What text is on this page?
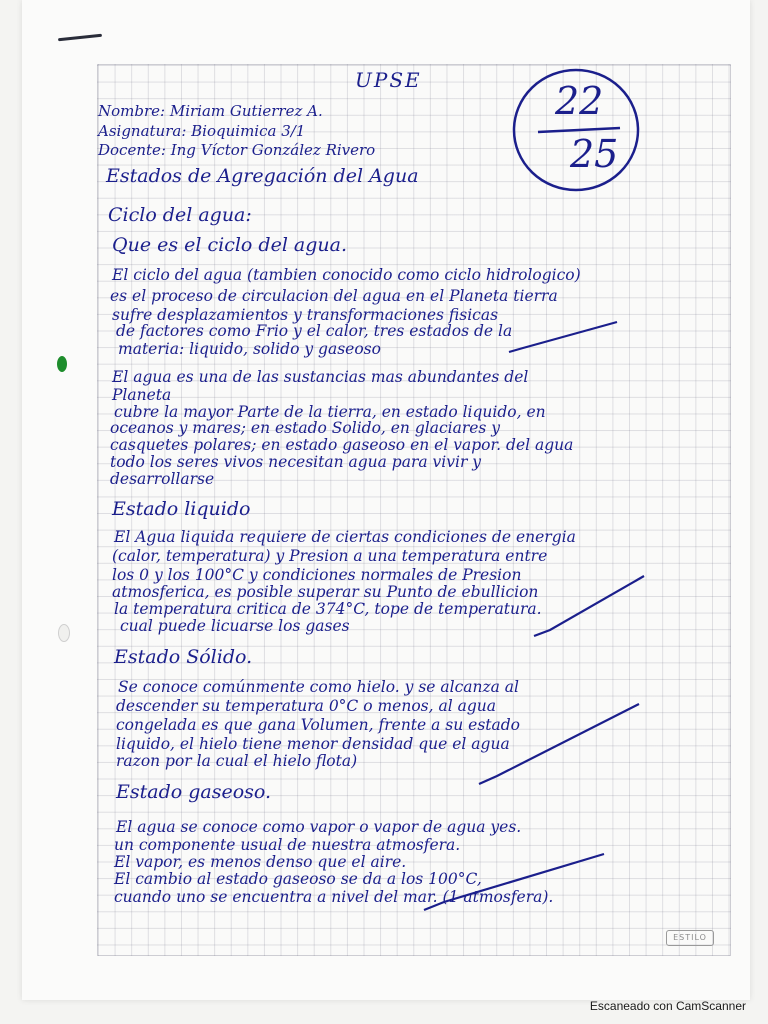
UPSE
Nombre: Miriam Gutierrez A.
Asignatura: Bioquimica 3/1
Docente: Ing Víctor González Rivero
22
25
Estados de Agregación del Agua
Ciclo del agua:
Que es el ciclo del agua.
El ciclo del agua (tambien conocido como ciclo hidrologico)
es el proceso de circulacion del agua en el Planeta tierra
sufre desplazamientos y transformaciones fisicas
de factores como Frio y el calor, tres estados de la
materia: liquido, solido y gaseoso
El agua es una de las sustancias mas abundantes del
Planeta
cubre la mayor Parte de la tierra, en estado liquido, en
oceanos y mares; en estado Solido, en glaciares y
casquetes polares; en estado gaseoso en el vapor. del agua
todo los seres vivos necesitan agua para vivir y
desarrollarse
Estado liquido
El Agua liquida requiere de ciertas condiciones de energia
(calor, temperatura) y Presion a una temperatura entre
los 0 y los 100°C y condiciones normales de Presion
atmosferica, es posible superar su Punto de ebullicion
la temperatura critica de 374°C, tope de temperatura.
cual puede licuarse los gases
Estado Sólido.
Se conoce comúnmente como hielo. y se alcanza al
descender su temperatura 0°C o menos, al agua
congelada es que gana Volumen, frente a su estado
liquido, el hielo tiene menor densidad que el agua
razon por la cual el hielo flota)
Estado gaseoso.
El agua se conoce como vapor o vapor de agua yes.
un componente usual de nuestra atmosfera.
El vapor, es menos denso que el aire.
El cambio al estado gaseoso se da a los 100°C,
cuando uno se encuentra a nivel del mar. (1 atmosfera).
ESTILO
Escaneado con CamScanner
